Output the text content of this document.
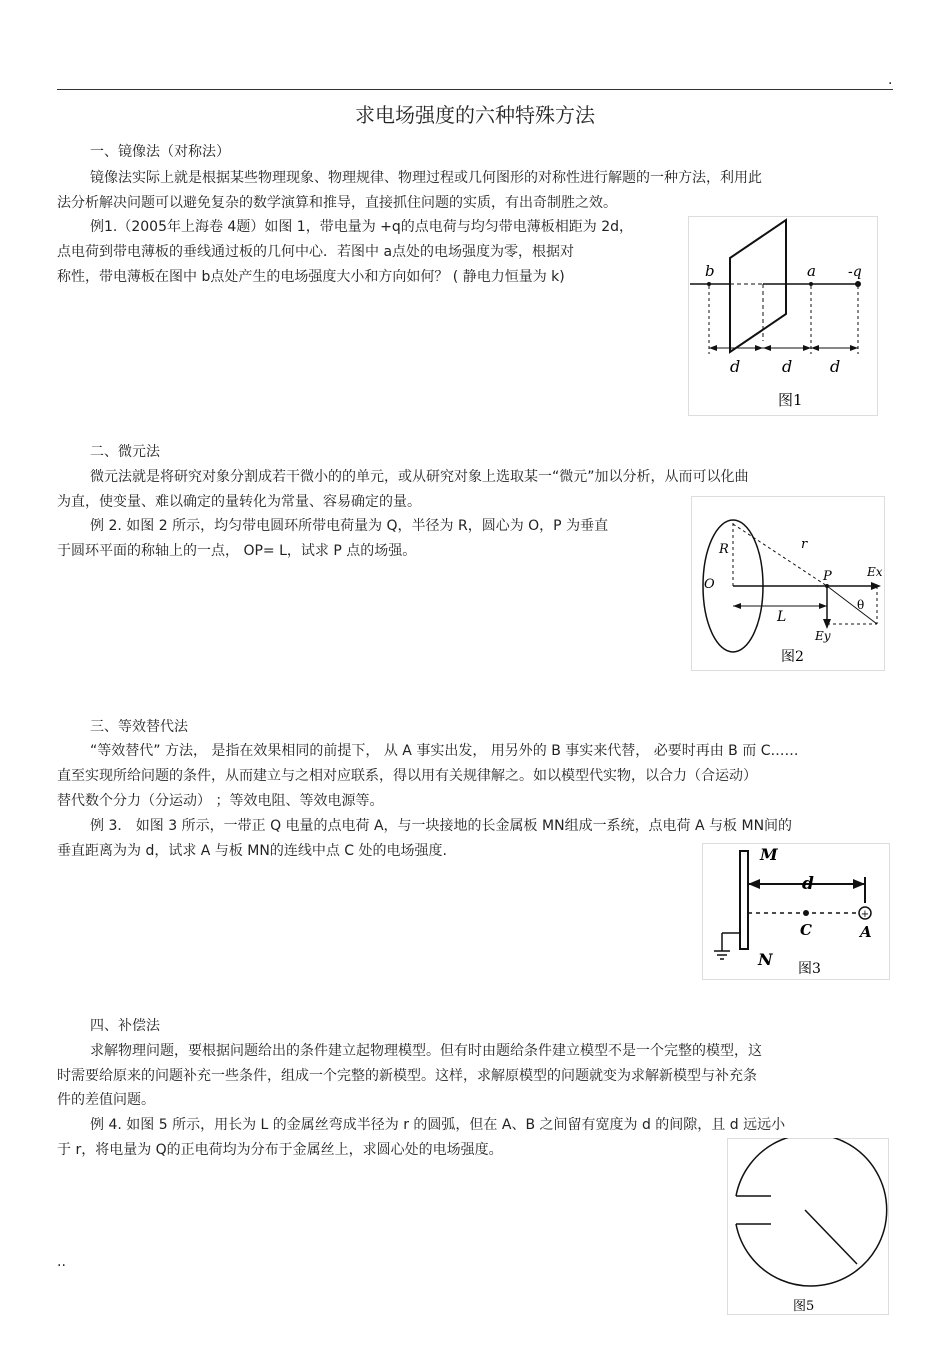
.
求电场强度的六种特殊方法
一、镜像法（对称法）
镜像法实际上就是根据某些物理现象、物理规律、物理过程或几何图形的对称性进行解题的一种方法，利用此
法分析解决问题可以避免复杂的数学演算和推导，直接抓住问题的实质，有出奇制胜之效。
例1.（2005年上海卷 4题）如图 1，带电量为 +q的点电荷与均匀带电薄板相距为 2d，
点电荷到带电薄板的垂线通过板的几何中心．若图中 a点处的电场强度为零，根据对
称性，带电薄板在图中 b点处产生的电场强度大小和方向如何？ ( 静电力恒量为 k)	b	a -q
d	d d
图1
二、微元法
微元法就是将研究对象分割成若干微小的的单元，或从研究对象上选取某一“微元”加以分析，从而可以化曲
为直，使变量、难以确定的量转化为常量、容易确定的量。
例 2. 如图 2 所示，均匀带电圆环所带电荷量为 Q，半径为 R，圆心为 O，P 为垂直
于圆环平面的称轴上的一点， OP= L，试求 P 点的场强。	R
O
r
P	Ex
L
θ
Ey
图2
三、等效替代法
“等效替代” 方法， 是指在效果相同的前提下， 从 A 事实出发， 用另外的 B 事实来代替， 必要时再由 B 而 C……
直至实现所给问题的条件，从而建立与之相对应联系，得以用有关规律解之。如以模型代实物，以合力（合运动）
替代数个分力（分运动） ；等效电阻、等效电源等。
例 3． 如图 3 所示，一带正 Q 电量的点电荷 A，与一块接地的长金属板 MN组成一系统，点电荷 A 与板 MN间的
垂直距离为为 d，试求 A 与板 MN的连线中点 C 处的电场强度.
+
M
d
C	A
N 图3
四、补偿法
求解物理问题，要根据问题给出的条件建立起物理模型。但有时由题给条件建立模型不是一个完整的模型，这
时需要给原来的问题补充一些条件，组成一个完整的新模型。这样，求解原模型的问题就变为求解新模型与补充条
件的差值问题。
例 4. 如图 5 所示，用长为 L 的金属丝弯成半径为 r 的圆弧，但在 A、B 之间留有宽度为 d 的间隙，且 d 远远小
于 r，将电量为 Q的正电荷均为分布于金属丝上，求圆心处的电场强度。
图5
..
